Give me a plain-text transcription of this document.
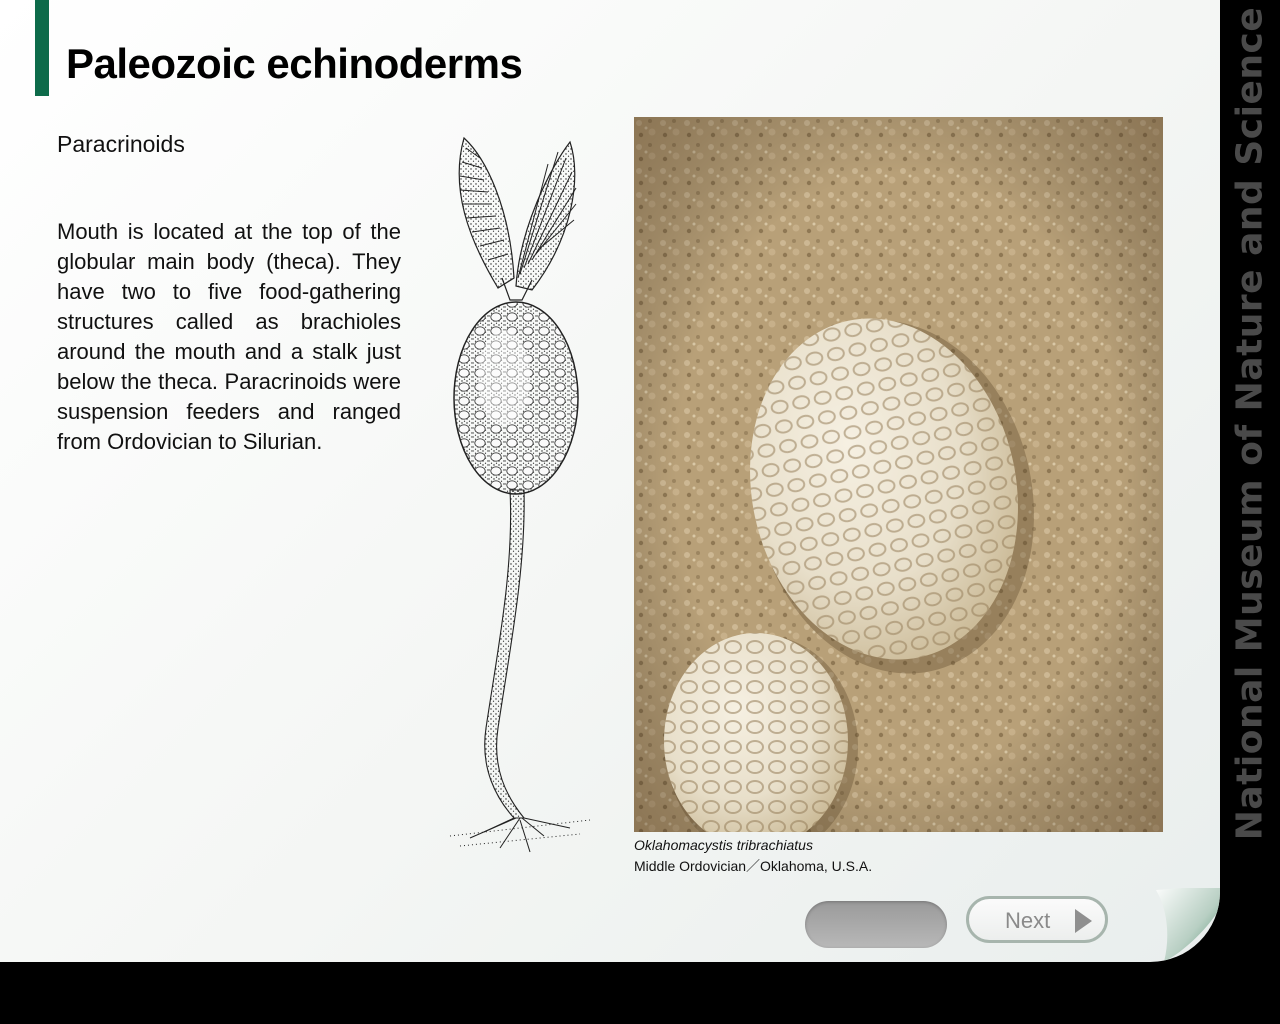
Paleozoic echinoderms
Paracrinoids

Mouth is located at the top of the globular main body (theca). They have two to five food-gathering structures called as brachioles around the mouth and a stalk just below the theca. Paracrinoids were suspension feeders and ranged from Ordovician to Silurian.

Oklahomacystis tribrachiatus
Middle Ordovician／Oklahoma, U.S.A.
Next
National Museum of Nature and Science
